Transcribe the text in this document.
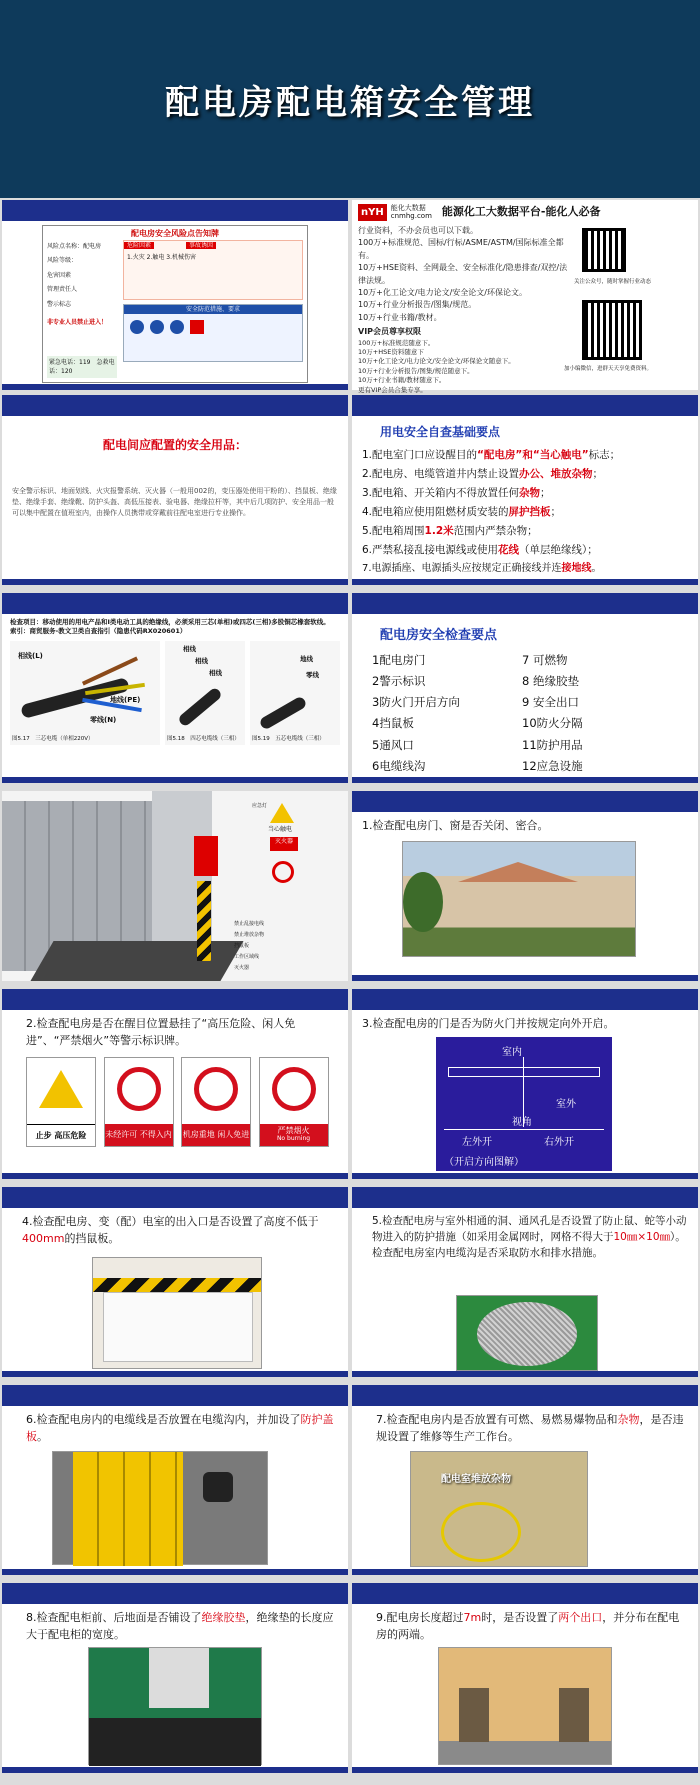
配电房配电箱安全管理
配电房安全风险点告知牌
风险点名称：配电房
风险等级：
危害因素
管理责任人
警示标志
非专业人员禁止进入！
危险因素	事故诱因
1.火灾 2.触电 3.机械伤害
安全防范措施、要求
紧急电话：119　急救电话：120
nYH	能化大数据
cnmhg.com 能源化工大数据平台-能化人必备
行业资料，不办会员也可以下载。
100万+标准规范、国标/行标/ASME/ASTM/国际标准全都有。
10万+HSE资料、全网最全、安全标准化/隐患排查/双控/法律法规。
10万+化工论文/电力论文/安全论文/环保论文。
10万+行业分析报告/图集/规范。
10万+行业书籍/教材。
VIP会员尊享权限
100万+标准规范随意下。
10万+HSE资料随意下
10万+化工论文/电力论文/安全论文/环保论文随意下。
10万+行业分析报告/图集/规范随意下。
10万+行业书籍/教材随意下。
更有VIP会员合集专享。
关注公众号，随时掌握行业动态
加小编微信，进群天天享免费资料。
配电间应配置的安全用品：
安全警示标识、地面划线、火灾报警系统、灭火器（一般用002的，变压器处使用干粉的）、挡鼠板、绝缘垫、绝缘手套、绝缘靴、防护头盔、高低压接表、验电器、绝缘拉杆等，其中后几项防护、安全用品一般可以集中配置在值班室内，由操作人员携带或穿戴前往配电室进行专业操作。
用电安全自查基础要点
1.配电室门口应设醒目的“配电房”和“当心触电”标志；
2.配电房、电缆管道井内禁止设置办公、堆放杂物；
3.配电箱、开关箱内不得放置任何杂物；
4.配电箱应使用阻燃材质安装的屏护挡板；
5.配电箱周围1.2米范围内严禁杂物；
6.严禁私接乱接电源线或使用花线（单层绝缘线）；
7.电源插座、电源插头应按规定正确接线并连接地线。
检查项目：移动使用的用电产品和I类电动工具的绝缘线，必须采用三芯(单相)或四芯(三相)多股铜芯橡套软线。
索引：商贸服务-教文卫类自查指引（隐患代码RX020601）
相线(L)
地线(PE)
零线(N)
图5.17　三芯电缆（单相220V）
相线
相线
相线
图5.18　四芯电缆线（三相）
地线
零线
图5.19　五芯电缆线（三相）
配电房安全检查要点
1配电房门	7 可燃物
2警示标识	8 绝缘胶垫
3防火门开启方向	9 安全出口
4挡鼠板	10防火分隔
5通风口	11防护用品
6电缆线沟	12应急设施
当心触电
灭火器
应急灯
禁止乱接电线
禁止堆放杂物
挡鼠板
工作区域线
灭火器
1.检查配电房门、窗是否关闭、密合。
2.检查配电房是否在醒目位置悬挂了“高压危险、闲人免进”、“严禁烟火”等警示标识牌。
止步 高压危险
	未经许可 不得入内
机房重地 闲人免进
	严禁烟火
No burning
3.检查配电房的门是否为防火门并按规定向外开启。
室内
室外
视角
左外开	右外开
（开启方向图解）
4.检查配电房、变（配）电室的出入口是否设置了高度不低于400mm的挡鼠板。
5.检查配电房与室外相通的洞、通风孔是否设置了防止鼠、蛇等小动物进入的防护措施（如采用金属网时，网格不得大于10㎜×10㎜）。检查配电房室内电缆沟是否采取防水和排水措施。
6.检查配电房内的电缆线是否放置在电缆沟内，并加设了防护盖板。
7.检查配电房内是否放置有可燃、易燃易爆物品和杂物，是否违规设置了维修等生产工作台。
配电室堆放杂物
8.检查配电柜前、后地面是否铺设了绝缘胶垫，绝缘垫的长度应大于配电柜的宽度。
9.配电房长度超过7m时，是否设置了两个出口，并分布在配电房的两端。
